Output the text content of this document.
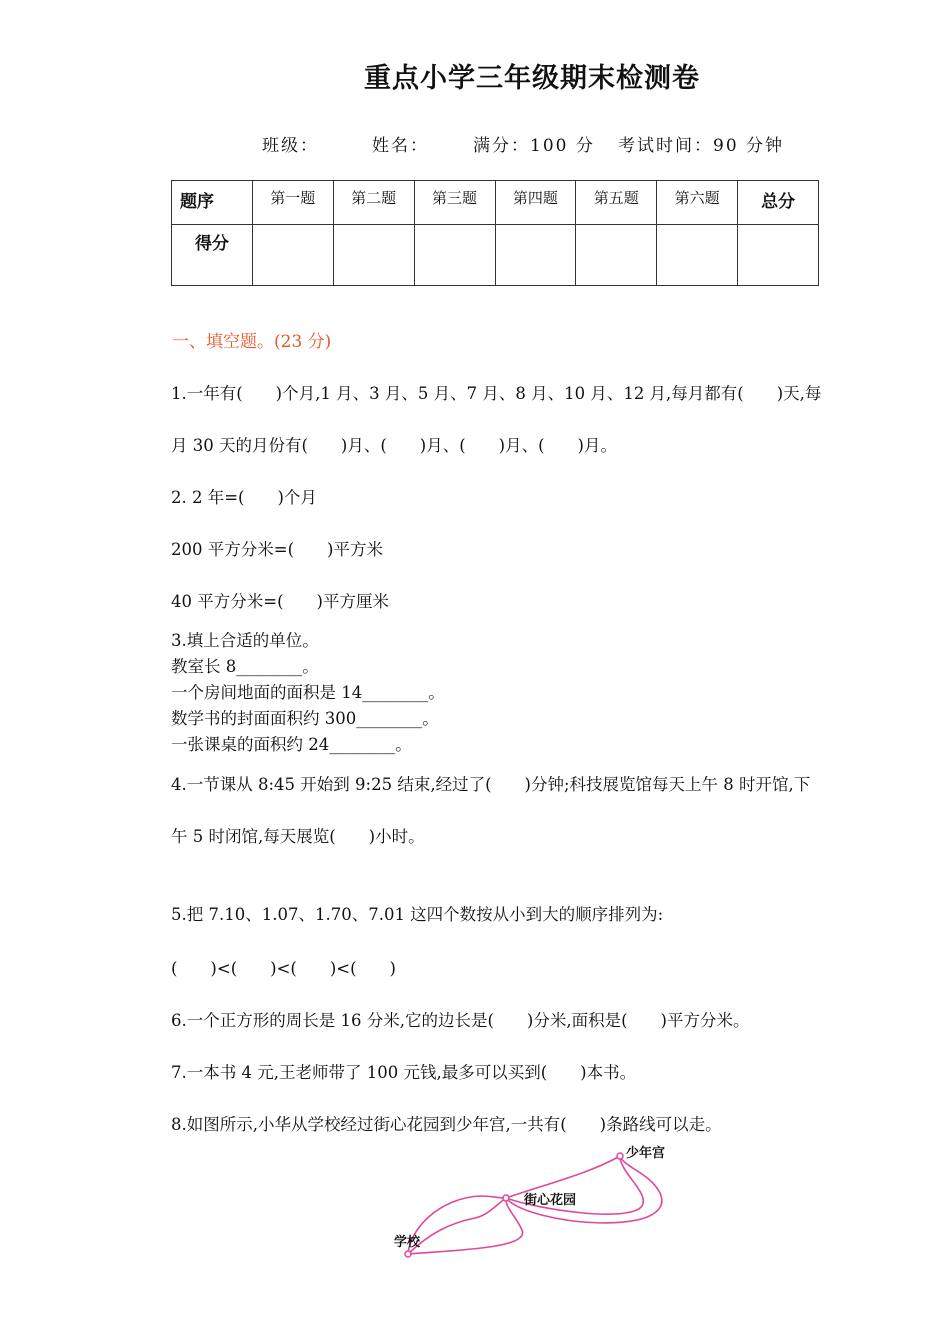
重点小学三年级期末检测卷
班级：	姓名：	满分：100 分 考试时间：90 分钟
题序	第一题	第二题	第三题	第四题	第五题	第六题	总分

得分							

一、填空题。(23 分)
1.一年有(　　)个月,1 月、3 月、5 月、7 月、8 月、10 月、12 月,每月都有(　　)天,每
月 30 天的月份有(　　)月、(　　)月、(　　)月、(　　)月。
2. 2 年=(　　)个月
200 平方分米=(　　)平方米
40 平方分米=(　　)平方厘米
3.填上合适的单位。
教室长 8________。
一个房间地面的面积是 14________。
数学书的封面面积约 300________。
一张课桌的面积约 24________。
4.一节课从 8:45 开始到 9:25 结束,经过了(　　)分钟;科技展览馆每天上午 8 时开馆,下
午 5 时闭馆,每天展览(　　)小时。
5.把 7.10、1.07、1.70、7.01 这四个数按从小到大的顺序排列为:
(　　)<(　　)<(　　)<(　　)
6.一个正方形的周长是 16 分米,它的边长是(　　)分米,面积是(　　)平方分米。
7.一本书 4 元,王老师带了 100 元钱,最多可以买到(　　)本书。
8.如图所示,小华从学校经过街心花园到少年宫,一共有(　　)条路线可以走。
学校
街心花园
少年宫
